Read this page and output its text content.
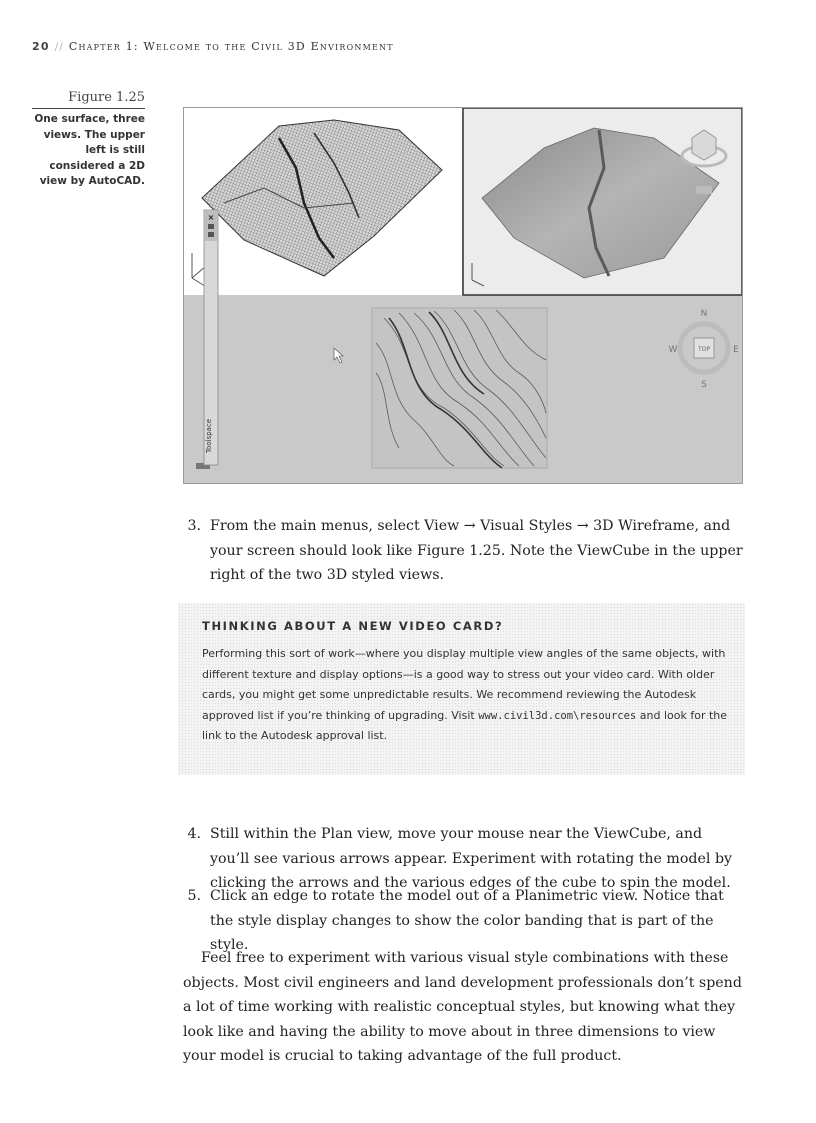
20 // Chapter 1: Welcome to the Civil 3D Environment
Figure 1.25
One surface, three views. The upper left is still considered a 2D view by AutoCAD.
TOP
N
S
E
W
×
Toolspace
3. From the main menus, select View → Visual Styles → 3D Wireframe, and your screen should look like Figure 1.25. Note the ViewCube in the upper right of the two 3D styled views.
THINKING ABOUT A NEW VIDEO CARD?

Performing this sort of work—where you display multiple view angles of the same objects, with different texture and display options—is a good way to stress out your video card. With older cards, you might get some unpredictable results. We recommend reviewing the Autodesk approved list if you’re thinking of upgrading. Visit www.civil3d.com\resources and look for the link to the Autodesk approval list.

4. Still within the Plan view, move your mouse near the ViewCube, and you’ll see various arrows appear. Experiment with rotating the model by clicking the arrows and the various edges of the cube to spin the model.
5. Click an edge to rotate the model out of a Planimetric view. Notice that the style display changes to show the color banding that is part of the style.
Feel free to experiment with various visual style combinations with these objects. Most civil engineers and land development professionals don’t spend a lot of time working with realistic conceptual styles, but knowing what they look like and having the ability to move about in three dimensions to view your model is crucial to taking advantage of the full product.
